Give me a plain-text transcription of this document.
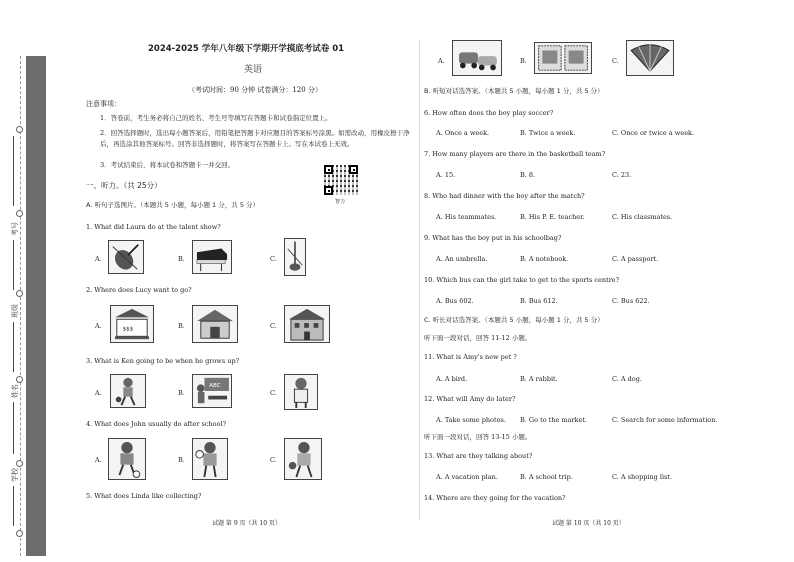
考号
班级
姓名
学校
2024-2025 学年八年级下学期开学摸底考试卷 01
英语
（考试时间：90 分钟 试卷满分：120 分）
注意事项：
1．答卷前，考生务必将自己的姓名、考生号等填写在答题卡和试卷指定位置上。
2．回答选择题时，选出每小题答案后，用铅笔把答题卡对应题目的答案标号涂黑。如需改动，用橡皮擦干净后，再选涂其他答案标号。回答非选择题时，将答案写在答题卡上。写在本试卷上无效。
3．考试结束后，将本试卷和答题卡一并交回。
智力
一、听力。（共 25分）
A. 听句子选图片。（本题共 5 小题，每小题 1 分，共 5 分）
1. What did Laura do at the talent show?
A.	B.	C.
2. Where does Lucy want to go?
A.	$$$	B.	C.
3. What is Ken going to be when he grows up?
A.	B.
ABC
C.
4. What does John usually do after school?
A.	B.	C.
5. What does Linda like collecting?
试题 第 9 页（共 10 页）
A.	B.	C.
B. 听短对话选答案。（本题共 5 小题，每小题 1 分，共 5 分）
6. How often does the boy play soccer?
A. Once a week.	B. Twice a week.	C. Once or twice a week.
7. How many players are there in the basketball team?
A. 15.	B. 8.	C. 23.
8. Who had dinner with the boy after the match?
A. His teammates.	B. His P. E. teacher.	C. His classmates.
9. What has the boy put in his schoolbag?
A. An umbrella.	B. A notebook.	C. A passport.
10. Which bus can the girl take to get to the sports centre?
A. Bus 602.	B. Bus 612.	C. Bus 622.
C. 听长对话选答案。（本题共 5 小题，每小题 1 分，共 5 分）
听下面一段对话，回答 11-12 小题。
11. What is Amy's new pet ?
A. A bird.	B. A rabbit.	C. A dog.
12. What will Amy do later?
A. Take some photos. B. Go to the market.	C. Search for some information.
听下面一段对话，回答 13-15 小题。
13. What are they talking about?
A. A vacation plan.	B. A school trip.	C. A shopping list.
14. Where are they going for the vacation?
试题 第 10 页（共 10 页）
